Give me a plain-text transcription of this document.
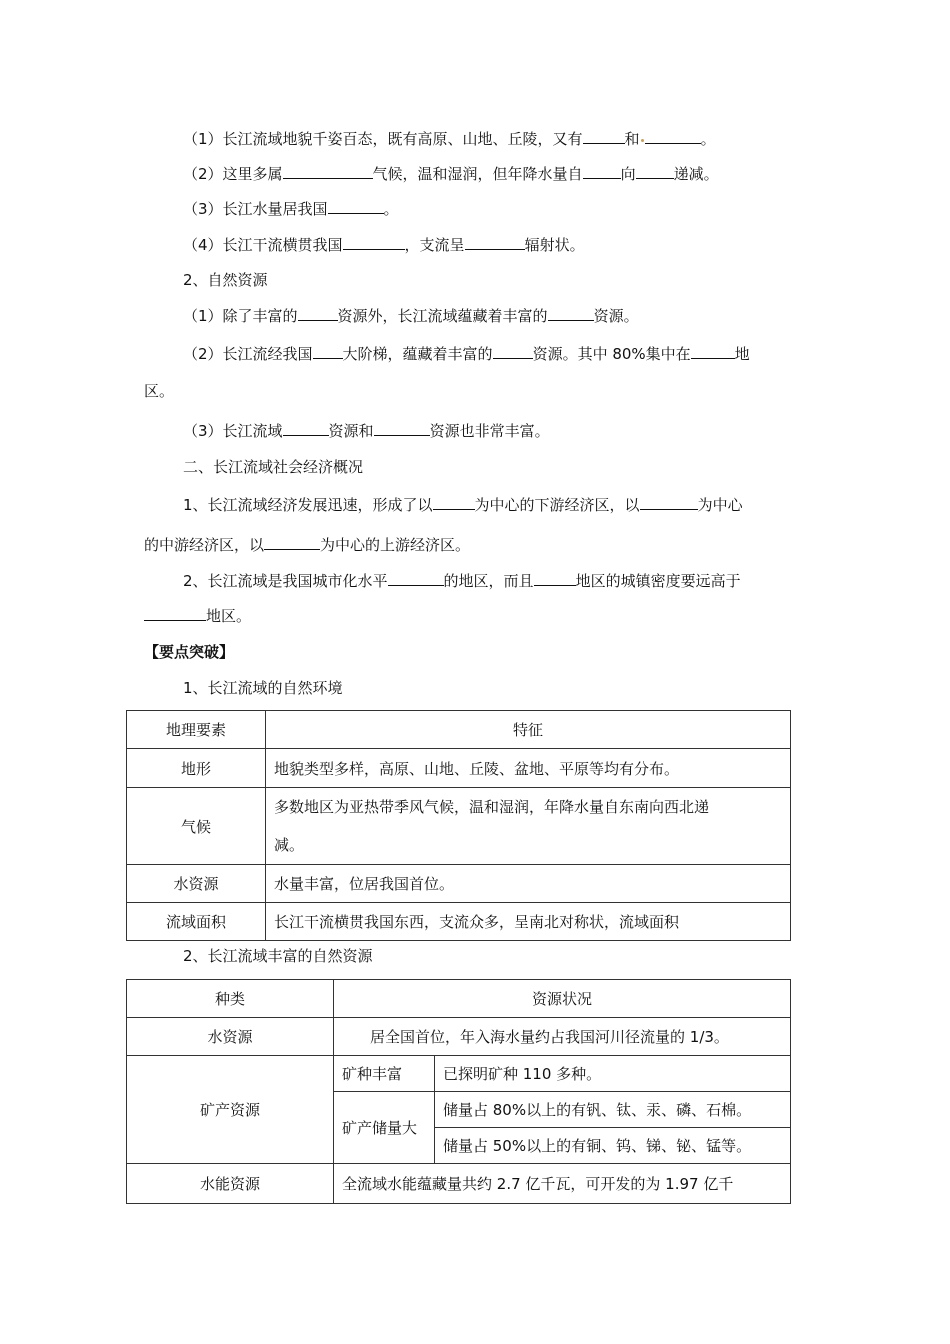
（1）长江流域地貌千姿百态，既有高原、山地、丘陵，又有	和	。
（2）这里多属	气候，温和湿润，但年降水量自	向	递减。
（3）长江水量居我国	。
（4）长江干流横贯我国	，支流呈	辐射状。
2、自然资源
（1）除了丰富的	资源外，长江流域蕴藏着丰富的	资源。
（2）长江流经我国 大阶梯，蕴藏着丰富的	资源。其中 80%集中在	地
区。
（3）长江流域	资源和	资源也非常丰富。
二、长江流域社会经济概况
1、长江流域经济发展迅速，形成了以	为中心的下游经济区，以	为中心
的中游经济区，以	为中心的上游经济区。
2、长江流域是我国城市化水平	的地区，而且	地区的城镇密度要远高于
地区。
【要点突破】
1、长江流域的自然环境
地理要素	特征
地形	地貌类型多样，高原、山地、丘陵、盆地、平原等均有分布。
气候	多数地区为亚热带季风气候，温和湿润，年降水量自东南向西北递
减。

水资源	水量丰富，位居我国首位。
流域面积	长江干流横贯我国东西，支流众多，呈南北对称状，流域面积
2、长江流域丰富的自然资源
种类	资源状况	
水资源	居全国首位，年入海水量约占我国河川径流量的 1/3。	
矿产资源	矿种丰富	已探明矿种 110 多种。
	矿产储量大	储量占 80%以上的有钒、钛、汞、磷、石棉。
		储量占 50%以上的有铜、钨、锑、铋、锰等。
水能资源	全流域水能蕴藏量共约 2.7 亿千瓦，可开发的为 1.97 亿千	
